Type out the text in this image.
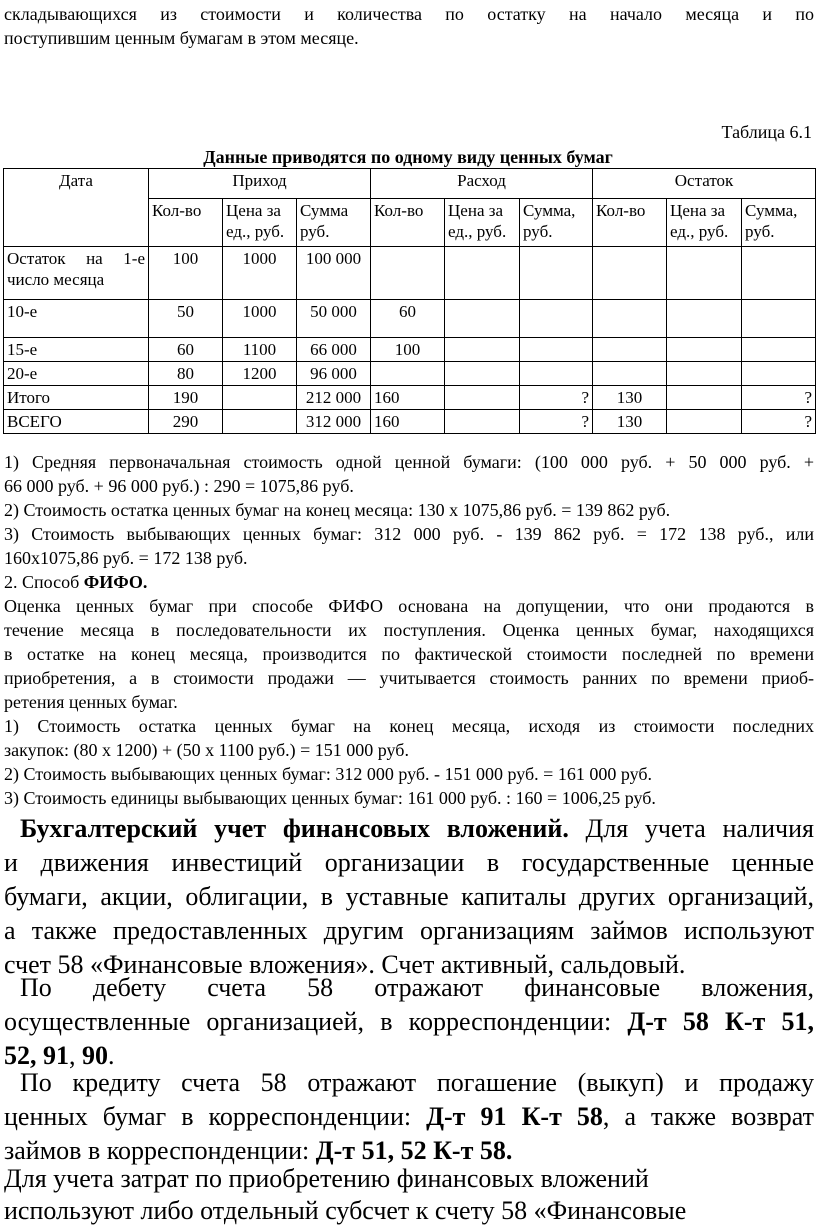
складывающихся из стоимости и количества по остатку на начало месяца и по

поступившим ценным бумагам в этом месяце.

Таблица 6.1
Данные приводятся по одному виду ценных бумаг
Дата	Приход			Расход			Остаток		
	Кол-во	Цена за ед., руб.	Сумма руб.	Кол-во	Цена за ед., руб.	Сумма, руб.	Кол-во	Цена за ед., руб.	Сумма, руб.
Остаток на 1-е число месяца	100	1000	100 000						
10-е	50	1000	50 000	60					
15-е	60	1100	66 000	100					
20-е	80	1200	96 000						
Итого	190		212 000	160		?	130		?
ВСЕГО	290		312 000	160		?	130		?

1) Средняя первоначальная стоимость одной ценной бумаги: (100 000 руб. + 50 000 руб. +

66 000 руб. + 96 000 руб.) : 290 = 1075,86 руб.

2) Стоимость остатка ценных бумаг на конец месяца: 130 х 1075,86 руб. = 139 862 руб.

3) Стоимость выбывающих ценных бумаг: 312 000 руб. - 139 862 руб. = 172 138 руб., или

160х1075,86 руб. = 172 138 руб.

2. Способ ФИФО.

Оценка ценных бумаг при способе ФИФО основана на допущении, что они продаются в

течение месяца в последовательности их поступления. Оценка ценных бумаг, находящихся

в остатке на конец месяца, производится по фактической стоимости последней по времени

приобретения, а в стоимости продажи — учитывается стоимость ранних по времени приоб-

ретения ценных бумаг.

1) Стоимость остатка ценных бумаг на конец месяца, исходя из стоимости последних

закупок: (80 х 1200) + (50 х 1100 руб.) = 151 000 руб.

2) Стоимость выбывающих ценных бумаг: 312 000 руб. - 151 000 руб. = 161 000 руб.

3) Стоимость единицы выбывающих ценных бумаг: 161 000 руб. : 160 = 1006,25 руб.

Бухгалтерский учет финансовых вложений. Для учета наличия

и движения инвестиций организации в государственные ценные

бумаги, акции, облигации, в уставные капиталы других организаций,

а также предоставленных другим организациям займов используют

счет 58 «Финансовые вложения». Счет активный, сальдовый.

По дебету счета 58 отражают финансовые вложения,

осуществленные организацией, в корреспонденции: Д-т 58 К-т 51,

52, 91, 90.

По кредиту счета 58 отражают погашение (выкуп) и продажу

ценных бумаг в корреспонденции: Д-т 91 К-т 58, а также возврат

займов в корреспонденции: Д-т 51, 52 К-т 58.

Для учета затрат по приобретению финансовых вложений

используют либо отдельный субсчет к счету 58 «Финансовые
